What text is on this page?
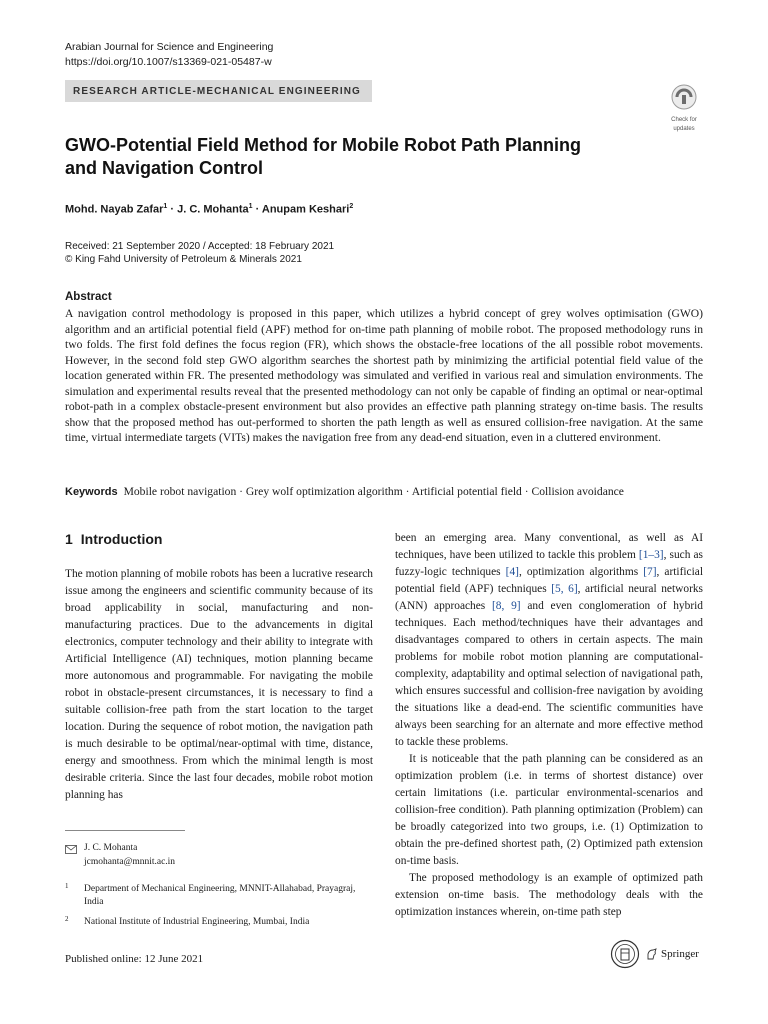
Arabian Journal for Science and Engineering
https://doi.org/10.1007/s13369-021-05487-w
RESEARCH ARTICLE-MECHANICAL ENGINEERING
Check for
updates
GWO-Potential Field Method for Mobile Robot Path Planning
and Navigation Control
Mohd. Nayab Zafar$^1$ · J. C. Mohanta$^1$ · Anupam Keshari$^2$
Received: 21 September 2020 / Accepted: 18 February 2021
© King Fahd University of Petroleum & Minerals 2021
Abstract

A navigation control methodology is proposed in this paper, which utilizes a hybrid concept of grey wolves optimisation (GWO) algorithm and an artificial potential field (APF) method for on-time path planning of mobile robot. The proposed methodology runs in two folds. The first fold defines the focus region (FR), which shows the obstacle-free locations of the all possible robot movements. However, in the second fold step GWO algorithm searches the shortest path by minimizing the artificial potential field value of the location generated within FR. The presented methodology was simulated and verified in various real and simulation environments. The simulation and experimental results reveal that the presented methodology can not only be capable of finding an optimal or near-optimal robot-path in a complex obstacle-present environment but also provides an effective path planning strategy on-time basis. The results show that the proposed method has out-performed to shorten the path length as well as ensured collision-free navigation. At the same time, virtual intermediate targets (VITs) makes the navigation free from any dead-end situation, even in a cluttered environment.

Keywords Mobile robot navigation · Grey wolf optimization algorithm · Artificial potential field · Collision avoidance
1 Introduction

The motion planning of mobile robots has been a lucrative research issue among the engineers and scientific community because of its broad applicability in social, manufacturing and non-manufacturing practices. Due to the advancements in digital electronics, computer technology and their ability to integrate with Artificial Intelligence (AI) techniques, motion planning became more autonomous and programmable. For navigating the mobile robot in obstacle-present circumstances, it is necessary to find a suitable collision-free path from the start location to the target location. During the sequence of robot motion, the navigation path is much desirable to be optimal/near-optimal with time, distance, energy and smoothness. From which the minimal length is most desirable criteria. Since the last four decades, mobile robot motion planning has

been an emerging area. Many conventional, as well as AI techniques, have been utilized to tackle this problem [1–3], such as fuzzy-logic techniques [4], optimization algorithms [7], artificial potential field (APF) techniques [5, 6], artificial neural networks (ANN) approaches [8, 9] and even conglomeration of hybrid techniques. Each method/techniques have their advantages and disadvantages compared to others in certain aspects. The main problems for mobile robot motion planning are computational-complexity, adaptability and optimal selection of navigational path, which ensures successful and collision-free navigation by avoiding the situations like a dead-end. The scientific communities have always been searching for an alternate and more effective method to tackle these problems.

It is noticeable that the path planning can be considered as an optimization problem (i.e. in terms of shortest distance) over certain limitations (i.e. particular environmental-scenarios and collision-free condition). Path planning optimization (Problem) can be broadly categorized into two groups, i.e. (1) Optimization to obtain the pre-defined shortest path, (2) Optimized path extension on-time basis.

The proposed methodology is an example of optimized path extension on-time basis. The methodology deals with the optimization instances wherein, on-time path step

J. C. Mohanta
jcmohanta@mnnit.ac.in
1 Department of Mechanical Engineering, MNNIT-Allahabad, Prayagraj, India
2 National Institute of Industrial Engineering, Mumbai, India
Published online: 12 June 2021	Springer
